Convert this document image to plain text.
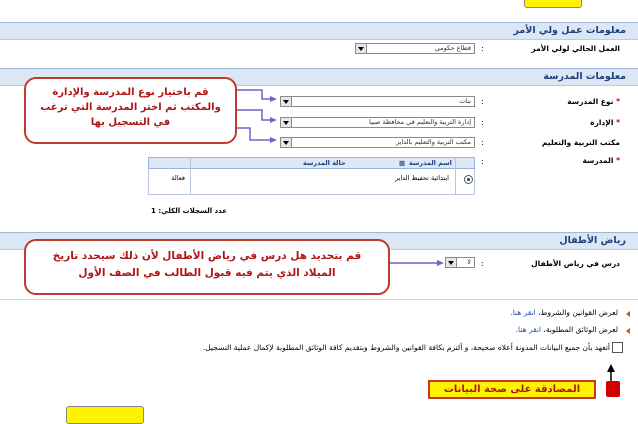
معلومات عمل ولي الأمر
العمل الحالي لولي الأمر
:
قطاع حكومي
معلومات المدرسة
* نوع المدرسة
:
بنات
* الإدارة
:
إدارة التربية والتعليم في محافظة صبيا
مكتب التربية والتعليم
:
مكتب التربية والتعليم بالداير
* المدرسة
:
اسم المدرسة
▩
حالة المدرسة
ابتدائية تحفيظ الداير
فعالة
عدد السجلات الكلي: 1
قم باختيار نوع المدرسة والإدارة والمكتب ثم اختر المدرسة التي ترغب في التسجيل بها
رياض الأطفال
درس في رياض الأطفال
:
لا
قم بتحديد هل درس في رياض الأطفال لأن ذلك سيحدد تاريخ الميلاد الذي يتم فيه قبول الطالب في الصف الأول
لعرض القوانين والشروط، انقر هنا.
لعرض الوثائق المطلوبة، انقر هنا.
أتعهد بأن جميع البيانات المدونة أعلاه صحيحة، و ألتزم بكافة القوانين والشروط وبتقديم كافة الوثائق المطلوبة لإكمال عملية التسجيل.
المصادقة على صحة البيانات
